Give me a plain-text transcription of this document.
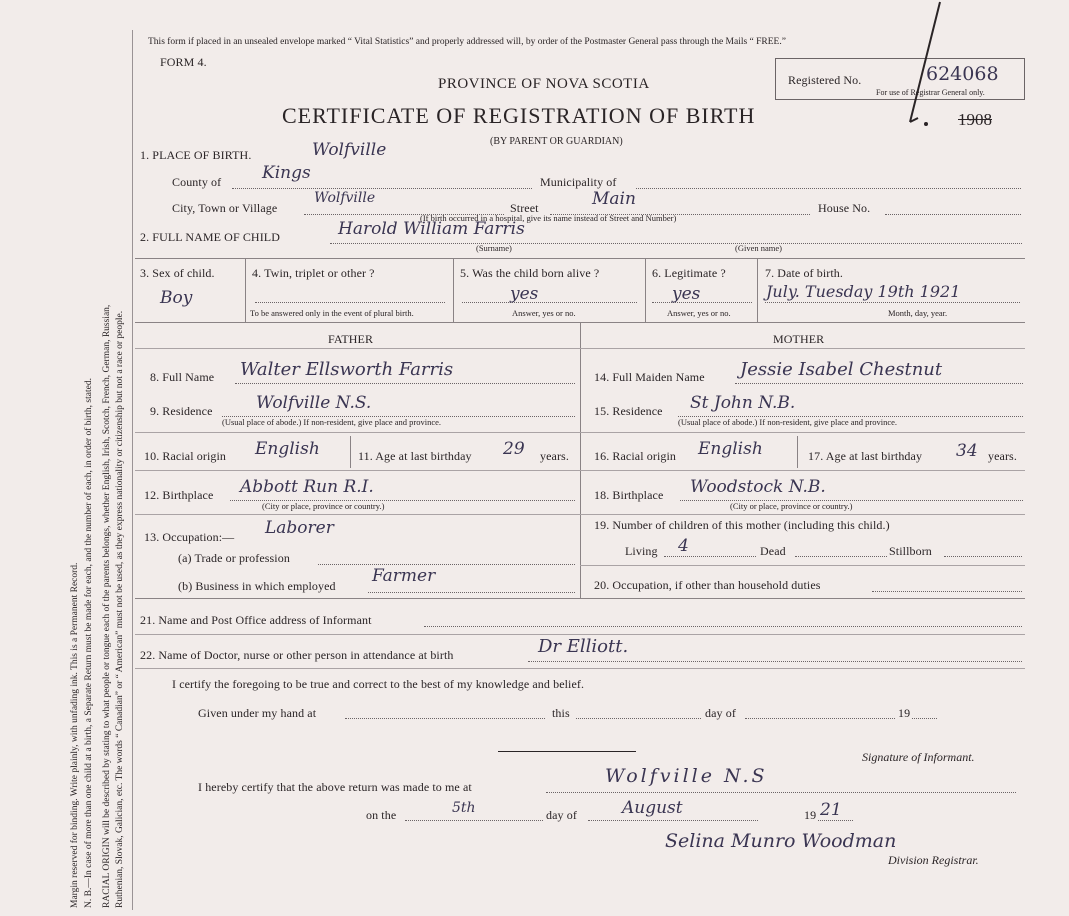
Margin reserved for binding. Write plainly, with unfading ink. This is a Permanent Record. N. B.—In case of more than one child at a birth, a Separate Return must be made for each, and the number of each, in order of birth, stated. RACIAL ORIGIN will be described by stating to what people or tongue each of the parents belongs, whether English, Irish, Scotch, French, German, Russian, Ruthenian, Slovak, Galician, etc. The words “ Canadian” or “ American” must not be used, as they express nationality or citizenship but not a race or people.
This form if placed in an unsealed envelope marked “ Vital Statistics” and properly addressed will, by order of the Postmaster General pass through the Mails “ FREE.”
FORM 4.
PROVINCE OF NOVA SCOTIA
CERTIFICATE OF REGISTRATION OF BIRTH
(BY PARENT OR GUARDIAN)
Registered No.	624068
For use of Registrar General only.
1908
1. PLACE OF BIRTH.	Wolfville
County of Kings	Municipality of
City, Town or Village
Wolfville
Street	Main	House No.
(If birth occurred in a hospital, give its name instead of Street and Number)
2. FULL NAME OF CHILD	Harold William Farris
(Surname)	(Given name)
3. Sex of child.
Boy
4. Twin, triplet or other ?
To be answered only in the event of plural birth.
5. Was the child born alive ?
yes
Answer, yes or no.
6. Legitimate ?
yes
Answer, yes or no.
7. Date of birth.
July. Tuesday 19th 1921
Month, day, year.
FATHER	MOTHER
8. Full Name Walter Ellsworth Farris
9. Residence	Wolfville N.S.
(Usual place of abode.) If non-resident, give place and province.
10. Racial origin English	11. Age at last birthday 29 years.
12. Birthplace Abbott Run R.I.
(City or place, province or country.)
13. Occupation:— Laborer
(a) Trade or profession
(b) Business in which employed Farmer
14. Full Maiden Name Jessie Isabel Chestnut
15. Residence St John N.B.
(Usual place of abode.) If non-resident, give place and province.
16. Racial origin English	17. Age at last birthday 34 years.
18. Birthplace Woodstock N.B.
(City or place, province or country.)
19. Number of children of this mother (including this child.)
Living 4	Dead	Stillborn
20. Occupation, if other than household duties
21. Name and Post Office address of Informant
22. Name of Doctor, nurse or other person in attendance at birth	Dr Elliott.
I certify the foregoing to be true and correct to the best of my knowledge and belief.
Given under my hand at	this	day of	19
Signature of Informant.
I hereby certify that the above return was made to me at	Wolfville N.S
on the	5th	day of	August	19 21
Selina Munro Woodman
Division Registrar.
